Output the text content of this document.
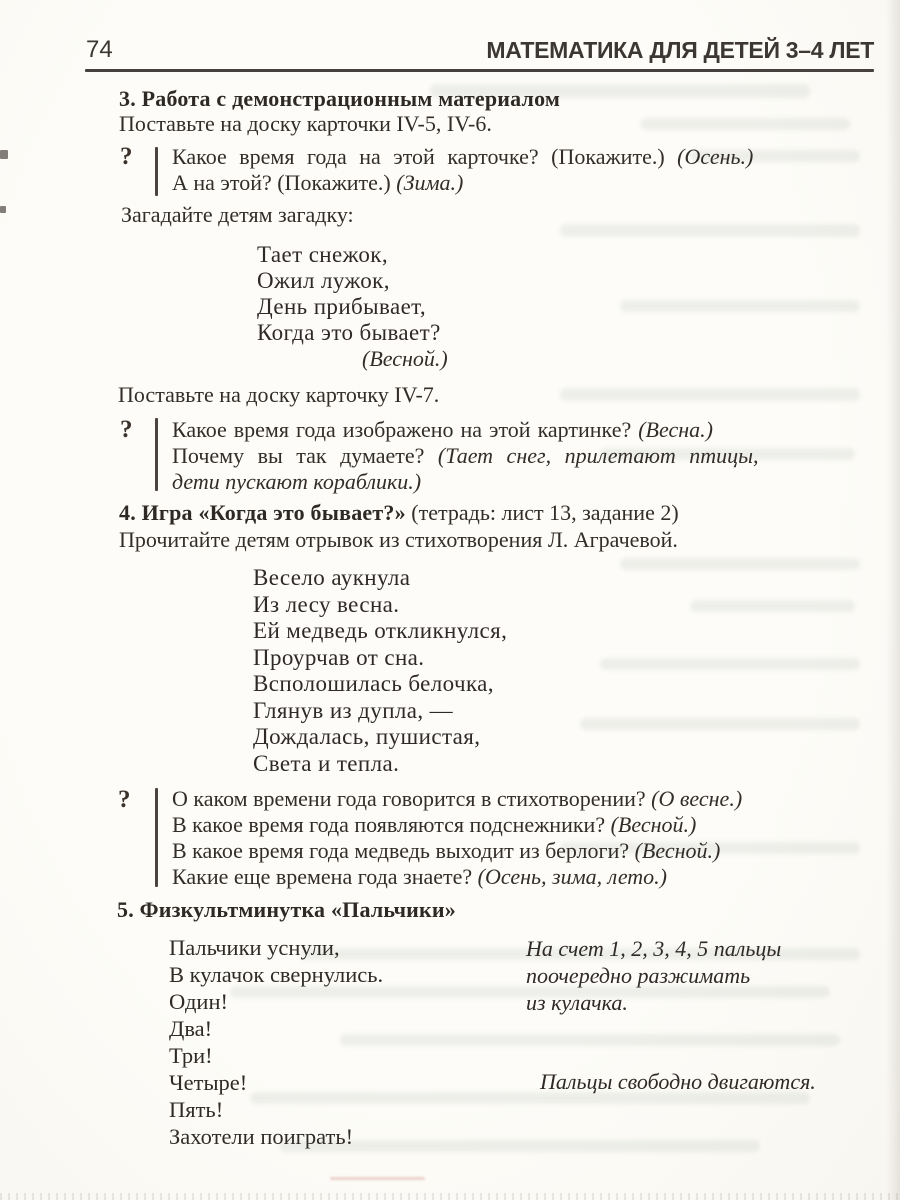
74	МАТЕМАТИКА ДЛЯ ДЕТЕЙ 3–4 ЛЕТ
3. Работа с демонстрационным материалом
Поставьте на доску карточки IV-5, IV-6.
? Какое время года на этой карточке? (Покажите.) (Осень.)
А на этой? (Покажите.) (Зима.)
Загадайте детям загадку:
Тает снежок,
Ожил лужок,
День прибывает,
Когда это бывает?
(Весной.)
Поставьте на доску карточку IV-7.
? Какое время года изображено на этой картинке? (Весна.)
Почему вы так думаете? (Тает снег, прилетают птицы,
дети пускают кораблики.)
4. Игра «Когда это бывает?» (тетрадь: лист 13, задание 2)
Прочитайте детям отрывок из стихотворения Л. Аграчевой.
Весело аукнула
Из лесу весна.
Ей медведь откликнулся,
Проурчав от сна.
Всполошилась белочка,
Глянув из дупла, —
Дождалась, пушистая,
Света и тепла.
? О каком времени года говорится в стихотворении? (О весне.)
В какое время года появляются подснежники? (Весной.)
В какое время года медведь выходит из берлоги? (Весной.)
Какие еще времена года знаете? (Осень, зима, лето.)
5. Физкультминутка «Пальчики»
Пальчики уснули,
В кулачок свернулись.
Один!
Два!
Три!
Четыре!
Пять!
Захотели поиграть!
На счет 1, 2, 3, 4, 5 пальцы
поочередно разжимать
из кулачка.
Пальцы свободно двигаются.
